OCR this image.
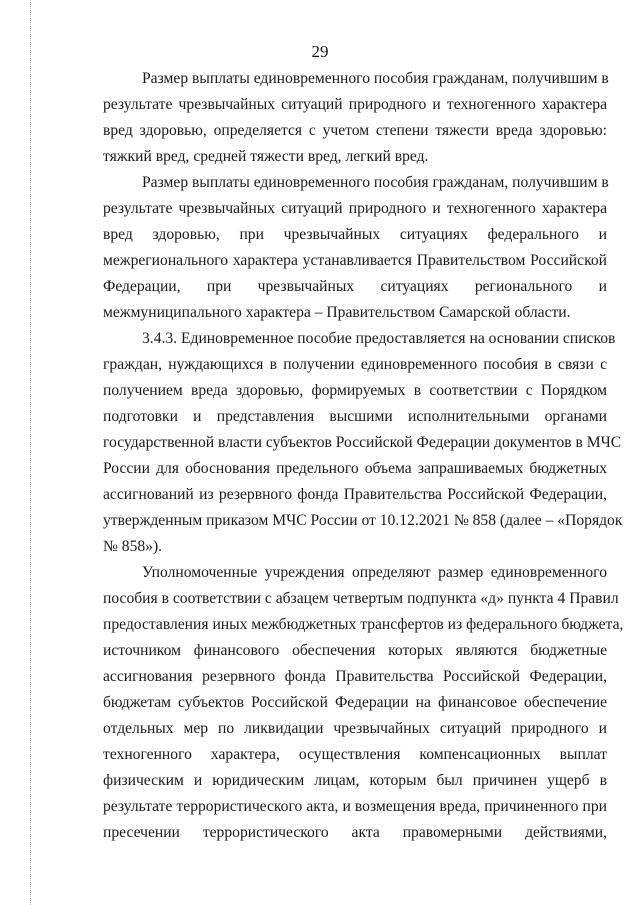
29
Размер выплаты единовременного пособия гражданам, получившим в
результате чрезвычайных ситуаций природного и техногенного характера
вред здоровью, определяется с учетом степени тяжести вреда здоровью:
тяжкий вред, средней тяжести вред, легкий вред.
Размер выплаты единовременного пособия гражданам, получившим в
результате чрезвычайных ситуаций природного и техногенного характера
вред здоровью, при чрезвычайных ситуациях федерального и
межрегионального характера устанавливается Правительством Российской
Федерации, при чрезвычайных ситуациях регионального и
межмуниципального характера – Правительством Самарской области.
3.4.3. Единовременное пособие предоставляется на основании списков
граждан, нуждающихся в получении единовременного пособия в связи с
получением вреда здоровью, формируемых в соответствии с Порядком
подготовки и представления высшими исполнительными органами
государственной власти субъектов Российской Федерации документов в МЧС
России для обоснования предельного объема запрашиваемых бюджетных
ассигнований из резервного фонда Правительства Российской Федерации,
утвержденным приказом МЧС России от 10.12.2021 № 858 (далее – «Порядок
№ 858»).
Уполномоченные учреждения определяют размер единовременного
пособия в соответствии с абзацем четвертым подпункта «д» пункта 4 Правил
предоставления иных межбюджетных трансфертов из федерального бюджета,
источником финансового обеспечения которых являются бюджетные
ассигнования резервного фонда Правительства Российской Федерации,
бюджетам субъектов Российской Федерации на финансовое обеспечение
отдельных мер по ликвидации чрезвычайных ситуаций природного и
техногенного характера, осуществления компенсационных выплат
физическим и юридическим лицам, которым был причинен ущерб в
результате террористического акта, и возмещения вреда, причиненного при
пресечении террористического акта правомерными действиями,
